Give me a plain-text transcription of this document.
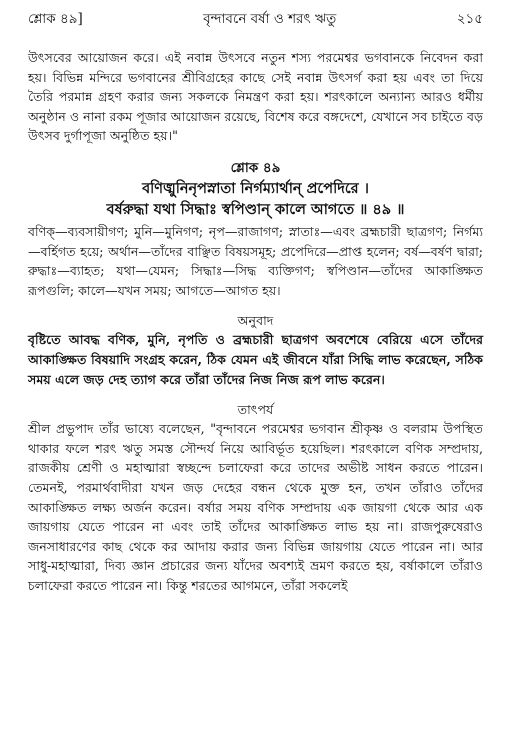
শ্লোক ৪৯]	বৃন্দাবনে বর্ষা ও শরৎ ঋতু	২১৫

উৎসবের আয়োজন করে। এই নবান্ন উৎসবে নতুন শস্য পরমেশ্বর ভগবানকে নিবেদন করা হয়। বিভিন্ন মন্দিরে ভগবানের শ্রীবিগ্রহের কাছে সেই নবান্ন উৎসর্গ করা হয় এবং তা দিয়ে তৈরি পরমান্ন গ্রহণ করার জন্য সকলকে নিমন্ত্রণ করা হয়। শরৎকালে অন্যান্য আরও ধর্মীয় অনুষ্ঠান ও নানা রকম পূজার আয়োজন রয়েছে, বিশেষ করে বঙ্গদেশে, যেখানে সব চাইতে বড় উৎসব দুর্গাপূজা অনুষ্ঠিত হয়।"

শ্লোক ৪৯
বণিঙ্মুনিনৃপস্নাতা নির্গম্যার্থান্ প্রপেদিরে ।
বর্ষরুদ্ধা যথা সিদ্ধাঃ স্বপিণ্ডান্ কালে আগতে ॥ ৪৯ ॥

বণিক্—ব্যবসায়ীগণ; মুনি—মুনিগণ; নৃপ—রাজাগণ; স্নাতাঃ—এবং ব্রহ্মচারী ছাত্রগণ; নির্গম্য—বর্হিগত হয়ে; অর্থান—তাঁদের বাঞ্ছিত বিষয়সমূহ; প্রপেদিরে—প্রাপ্ত হলেন; বর্ষ—বর্ষণ দ্বারা; রুদ্ধাঃ—ব্যাহত; যথা—যেমন; সিদ্ধাঃ—সিদ্ধ ব্যক্তিগণ; স্বপিণ্ডান—তাঁদের আকাঙ্ক্ষিত রূপগুলি; কালে—যখন সময়; আগতে—আগত হয়।

অনুবাদ

বৃষ্টিতে আবদ্ধ বণিক, মুনি, নৃপতি ও ব্রহ্মচারী ছাত্রগণ অবশেষে বেরিয়ে এসে তাঁদের আকাঙ্ক্ষিত বিষয়াদি সংগ্রহ করেন, ঠিক যেমন এই জীবনে যাঁরা সিদ্ধি লাভ করেছেন, সঠিক সময় এলে জড় দেহ ত্যাগ করে তাঁরা তাঁদের নিজ নিজ রূপ লাভ করেন।

তাৎপর্য

শ্রীল প্রভুপাদ তাঁর ভাষ্যে বলেছেন, "বৃন্দাবনে পরমেশ্বর ভগবান শ্রীকৃষ্ণ ও বলরাম উপস্থিত থাকার ফলে শরৎ ঋতু সমস্ত সৌন্দর্য নিয়ে আবির্ভূত হয়েছিল। শরৎকালে বণিক সম্প্রদায়, রাজকীয় শ্রেণী ও মহাত্মারা স্বচ্ছন্দে চলাফেরা করে তাদের অভীষ্ট সাধন করতে পারেন। তেমনই, পরমার্থবাদীরা যখন জড় দেহের বন্ধন থেকে মুক্ত হন, তখন তাঁরাও তাঁদের আকাঙ্ক্ষিত লক্ষ্য অর্জন করেন। বর্ষার সময় বণিক সম্প্রদায় এক জায়গা থেকে আর এক জায়গায় যেতে পারেন না এবং তাই তাঁদের আকাঙ্ক্ষিত লাভ হয় না। রাজপুরুষেরাও জনসাধারণের কাছ থেকে কর আদায় করার জন্য বিভিন্ন জায়গায় যেতে পারেন না। আর সাধু-মহাত্মারা, দিব্য জ্ঞান প্রচারের জন্য যাঁদের অবশ্যই ভ্রমণ করতে হয়, বর্ষাকালে তাঁরাও চলাফেরা করতে পারেন না। কিন্তু শরতের আগমনে, তাঁরা সকলেই
